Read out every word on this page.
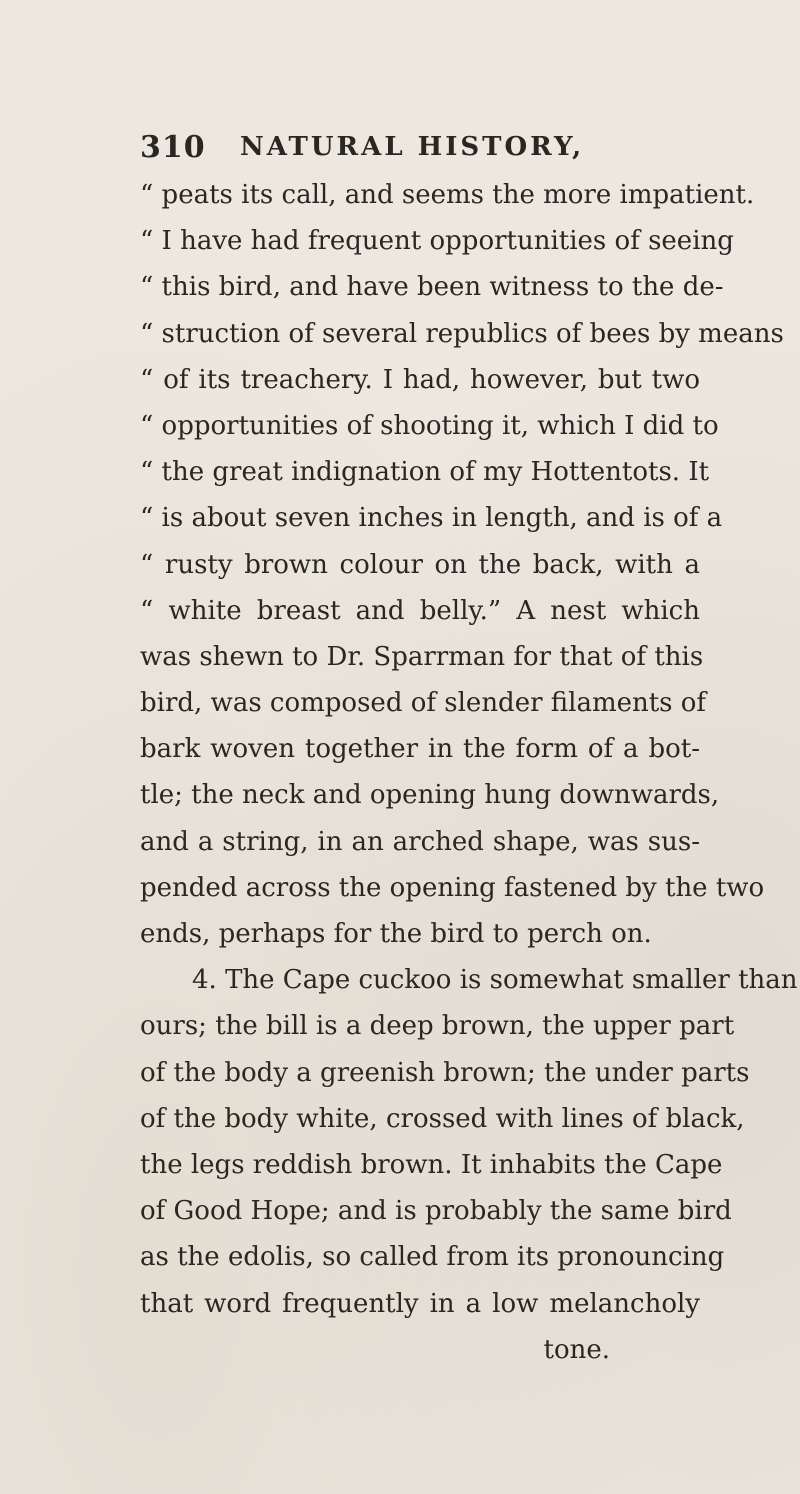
310 NATURAL HISTORY,
“ peats its call, and seems the more impatient.
“ I have had frequent opportunities of seeing
“ this bird, and have been witness to the de-
“ struction of several republics of bees by means
“ of its treachery. I had, however, but two
“ opportunities of shooting it, which I did to
“ the great indignation of my Hottentots. It
“ is about seven inches in length, and is of a
“ rusty brown colour on the back, with a
“ white breast and belly.” A nest which
was shewn to Dr. Sparrman for that of this
bird, was composed of slender filaments of
bark woven together in the form of a bot-
tle; the neck and opening hung downwards,
and a string, in an arched shape, was sus-
pended across the opening fastened by the two
ends, perhaps for the bird to perch on.
4. The Cape cuckoo is somewhat smaller than
ours; the bill is a deep brown, the upper part
of the body a greenish brown; the under parts
of the body white, crossed with lines of black,
the legs reddish brown. It inhabits the Cape
of Good Hope; and is probably the same bird
as the edolis, so called from its pronouncing
that word frequently in a low melancholy
tone.
